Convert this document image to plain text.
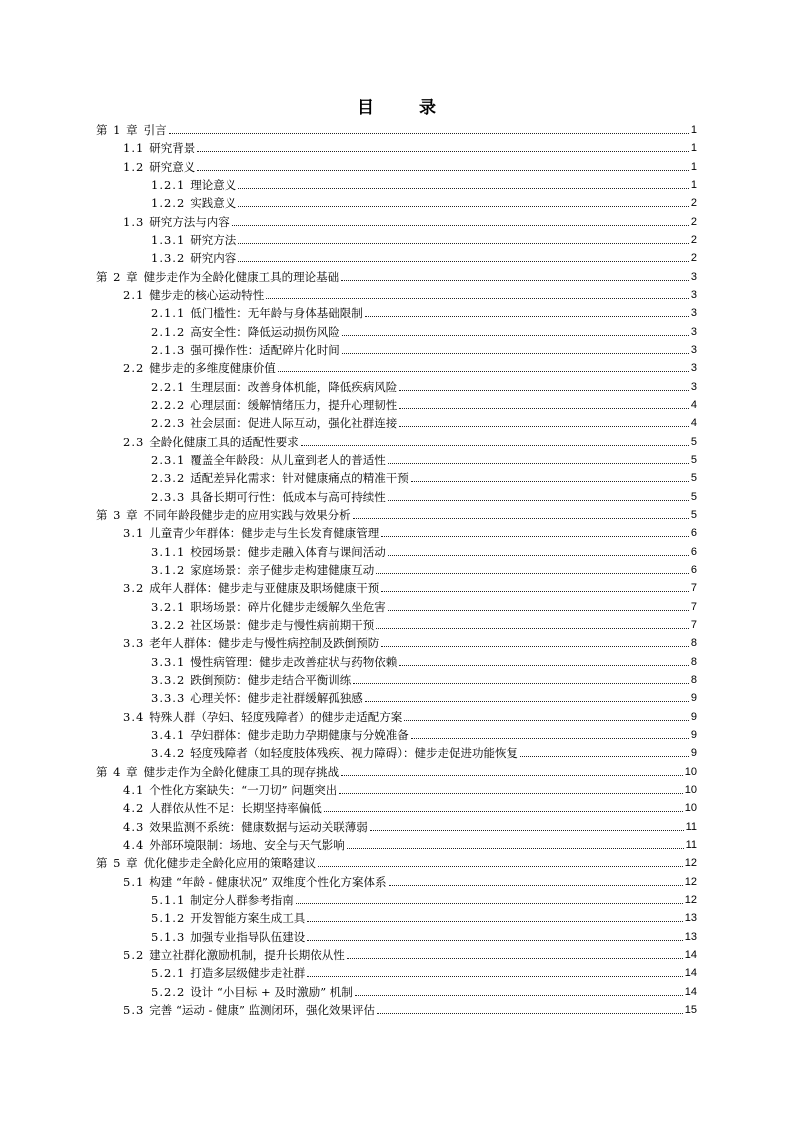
目　录
第 1 章 引言	1
1.1 研究背景	1
1.2 研究意义	1
1.2.1 理论意义	1
1.2.2 实践意义	2
1.3 研究方法与内容	2
1.3.1 研究方法	2
1.3.2 研究内容	2
第 2 章 健步走作为全龄化健康工具的理论基础	3
2.1 健步走的核心运动特性	3
2.1.1 低门槛性：无年龄与身体基础限制	3
2.1.2 高安全性：降低运动损伤风险	3
2.1.3 强可操作性：适配碎片化时间	3
2.2 健步走的多维度健康价值	3
2.2.1 生理层面：改善身体机能，降低疾病风险	3
2.2.2 心理层面：缓解情绪压力，提升心理韧性	4
2.2.3 社会层面：促进人际互动，强化社群连接	4
2.3 全龄化健康工具的适配性要求	5
2.3.1 覆盖全年龄段：从儿童到老人的普适性	5
2.3.2 适配差异化需求：针对健康痛点的精准干预	5
2.3.3 具备长期可行性：低成本与高可持续性	5
第 3 章 不同年龄段健步走的应用实践与效果分析	5
3.1 儿童青少年群体：健步走与生长发育健康管理	6
3.1.1 校园场景：健步走融入体育与课间活动	6
3.1.2 家庭场景：亲子健步走构建健康互动	6
3.2 成年人群体：健步走与亚健康及职场健康干预	7
3.2.1 职场场景：碎片化健步走缓解久坐危害	7
3.2.2 社区场景：健步走与慢性病前期干预	7
3.3 老年人群体：健步走与慢性病控制及跌倒预防	8
3.3.1 慢性病管理：健步走改善症状与药物依赖	8
3.3.2 跌倒预防：健步走结合平衡训练	8
3.3.3 心理关怀：健步走社群缓解孤独感	9
3.4 特殊人群（孕妇、轻度残障者）的健步走适配方案	9
3.4.1 孕妇群体：健步走助力孕期健康与分娩准备	9
3.4.2 轻度残障者（如轻度肢体残疾、视力障碍）：健步走促进功能恢复	9
第 4 章 健步走作为全龄化健康工具的现存挑战	10
4.1 个性化方案缺失：“一刀切” 问题突出	10
4.2 人群依从性不足：长期坚持率偏低	10
4.3 效果监测不系统：健康数据与运动关联薄弱	11
4.4 外部环境限制：场地、安全与天气影响	11
第 5 章 优化健步走全龄化应用的策略建议	12
5.1 构建 “年龄 - 健康状况” 双维度个性化方案体系	12
5.1.1 制定分人群参考指南	12
5.1.2 开发智能方案生成工具	13
5.1.3 加强专业指导队伍建设	13
5.2 建立社群化激励机制，提升长期依从性	14
5.2.1 打造多层级健步走社群	14
5.2.2 设计 “小目标 + 及时激励” 机制	14
5.3 完善 “运动 - 健康” 监测闭环，强化效果评估	15
